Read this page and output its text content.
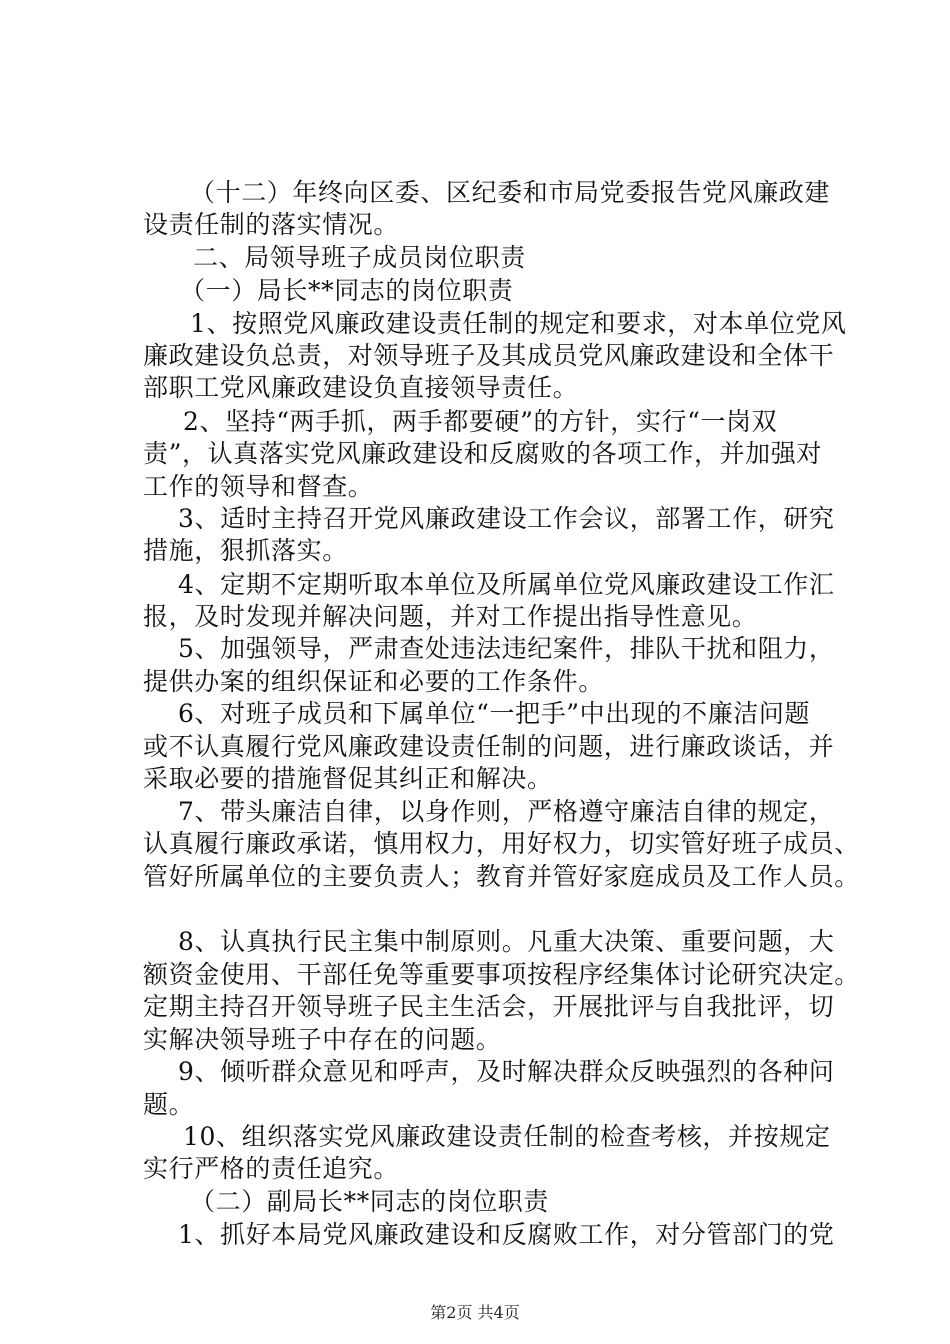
（十二）年终向区委、区纪委和市局党委报告党风廉政建
设责任制的落实情况。
二、局领导班子成员岗位职责
（一）局长**同志的岗位职责
1、按照党风廉政建设责任制的规定和要求，对本单位党风
廉政建设负总责，对领导班子及其成员党风廉政建设和全体干
部职工党风廉政建设负直接领导责任。
2、坚持“两手抓，两手都要硬”的方针，实行“一岗双
责”，认真落实党风廉政建设和反腐败的各项工作，并加强对
工作的领导和督查。
3、适时主持召开党风廉政建设工作会议，部署工作，研究
措施，狠抓落实。
4、定期不定期听取本单位及所属单位党风廉政建设工作汇
报，及时发现并解决问题，并对工作提出指导性意见。
5、加强领导，严肃查处违法违纪案件，排队干扰和阻力，
提供办案的组织保证和必要的工作条件。
6、对班子成员和下属单位“一把手”中出现的不廉洁问题
或不认真履行党风廉政建设责任制的问题，进行廉政谈话，并
采取必要的措施督促其纠正和解决。
7、带头廉洁自律，以身作则，严格遵守廉洁自律的规定，
认真履行廉政承诺，慎用权力，用好权力，切实管好班子成员、
管好所属单位的主要负责人；教育并管好家庭成员及工作人员。
8、认真执行民主集中制原则。凡重大决策、重要问题，大
额资金使用、干部任免等重要事项按程序经集体讨论研究决定。
定期主持召开领导班子民主生活会，开展批评与自我批评，切
实解决领导班子中存在的问题。
9、倾听群众意见和呼声，及时解决群众反映强烈的各种问
题。
10、组织落实党风廉政建设责任制的检查考核，并按规定
实行严格的责任追究。
（二）副局长**同志的岗位职责
1、抓好本局党风廉政建设和反腐败工作，对分管部门的党
第2页 共4页
